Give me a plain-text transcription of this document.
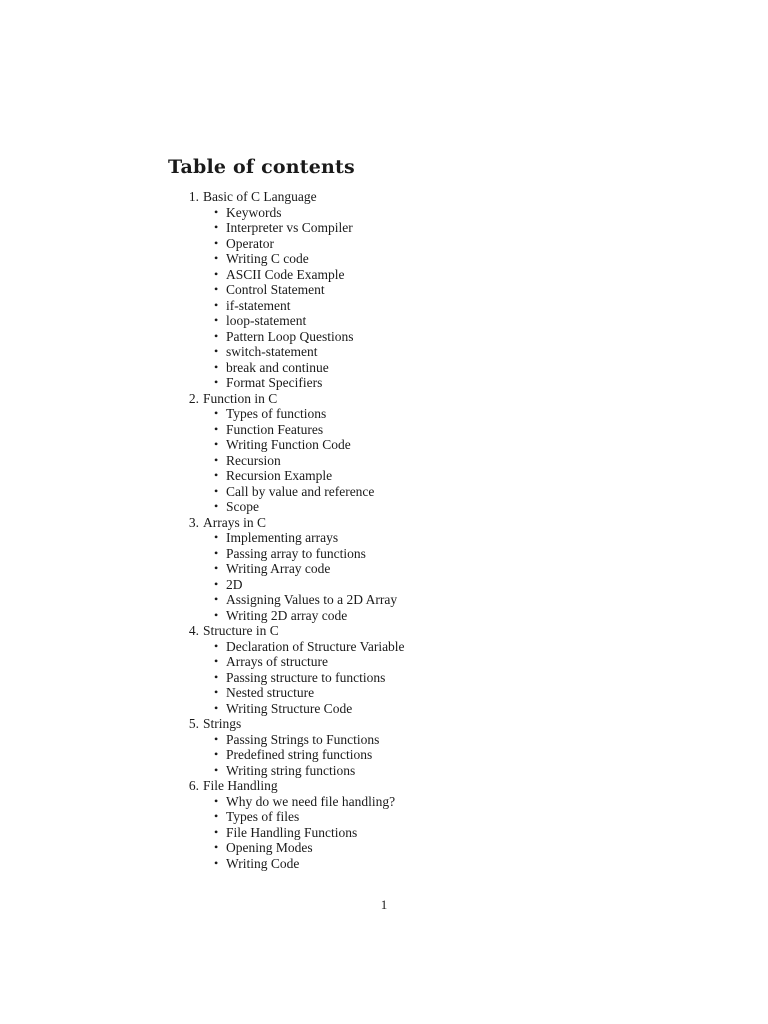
Table of contents
1 . Basic of C Language
• Keywords
• Interpreter vs Compiler
• Operator
• Writing C code
• ASCII Code Example
• Control Statement
• if-statement
• loop-statement
• Pattern Loop Questions
• switch-statement
• break and continue
• Format Specifiers
2 . Function in C
• Types of functions
• Function Features
• Writing Function Code
• Recursion
• Recursion Example
• Call by value and reference
• Scope
3 . Arrays in C
• Implementing arrays
• Passing array to functions
• Writing Array code
• 2D
• Assigning Values to a 2D Array
• Writing 2D array code
4 . Structure in C
• Declaration of Structure Variable
• Arrays of structure
• Passing structure to functions
• Nested structure
• Writing Structure Code
5 . Strings
• Passing Strings to Functions
• Predefined string functions
• Writing string functions
6 . File Handling
• Why do we need file handling?
• Types of files
• File Handling Functions
• Opening Modes
• Writing Code
1
